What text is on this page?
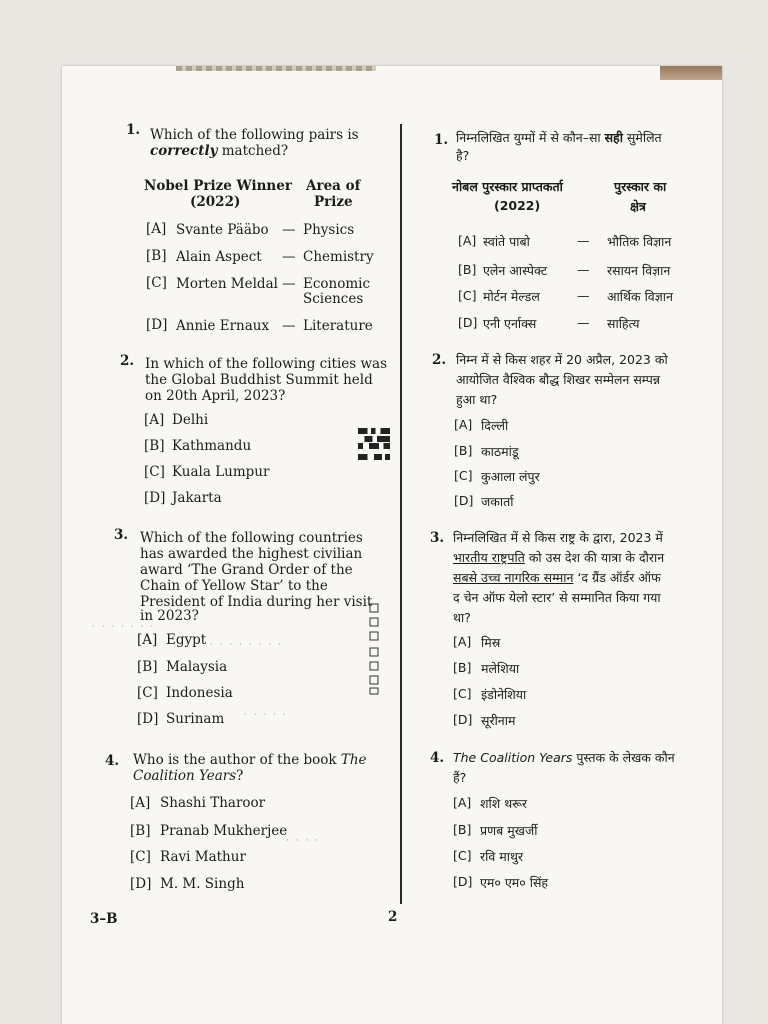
1. Which of the following pairs is
correctly matched?
Nobel Prize Winner
(2022)
Area of
Prize
[A] Svante Pääbo — Physics
[B] Alain Aspect — Chemistry
[C] Morten Meldal — Economic
Sciences
[D] Annie Ernaux — Literature
2. In which of the following cities was
the Global Buddhist Summit held
on 20th April, 2023?
[A] Delhi
[B] Kathmandu
[C] Kuala Lumpur
[D] Jakarta
3. Which of the following countries
has awarded the highest civilian
award ‘The Grand Order of the
Chain of Yellow Star’ to the
President of India during her visit
in 2023?
[A] Egypt
[B] Malaysia
[C] Indonesia
[D] Surinam
· · · · · · ·
· · · · · · · ·
· · · · ·
· · · ·
4. Who is the author of the book The
Coalition Years?
[A] Shashi Tharoor
[B] Pranab Mukherjee
[C] Ravi Mathur
[D] M. M. Singh
1. निम्नलिखित युग्मों में से कौन–सा सही सुमेलित
है?
नोबल पुरस्कार प्राप्तकर्ता
(2022)
पुरस्कार का
क्षेत्र
[A] स्वांते पाबो	— भौतिक विज्ञान
[B] एलेन आस्पेक्ट — रसायन विज्ञान
[C] मोर्टन मेल्डल	— आर्थिक विज्ञान
[D] एनी एर्नाक्स	— साहित्य
2. निम्न में से किस शहर में 20 अप्रैल, 2023 को
आयोजित वैश्विक बौद्ध शिखर सम्मेलन सम्पन्न
हुआ था?
[A] दिल्ली
[B] काठमांडू
[C] कुआला लंपुर
[D] जकार्ता
3. निम्नलिखित में से किस राष्ट्र के द्वारा, 2023 में
भारतीय राष्ट्रपति को उस देश की यात्रा के दौरान
सबसे उच्च नागरिक सम्मान ‘द ग्रैंड ऑर्डर ऑफ
द चेन ऑफ येलो स्टार’ से सम्मानित किया गया
था?
[A] मिस्र
[B] मलेशिया
[C] इंडोनेशिया
[D] सूरीनाम
4. The Coalition Years पुस्तक के लेखक कौन
हैं?
[A] शशि थरूर
[B] प्रणब मुखर्जी
[C] रवि माथुर
[D] एम० एम० सिंह
3–B	2
